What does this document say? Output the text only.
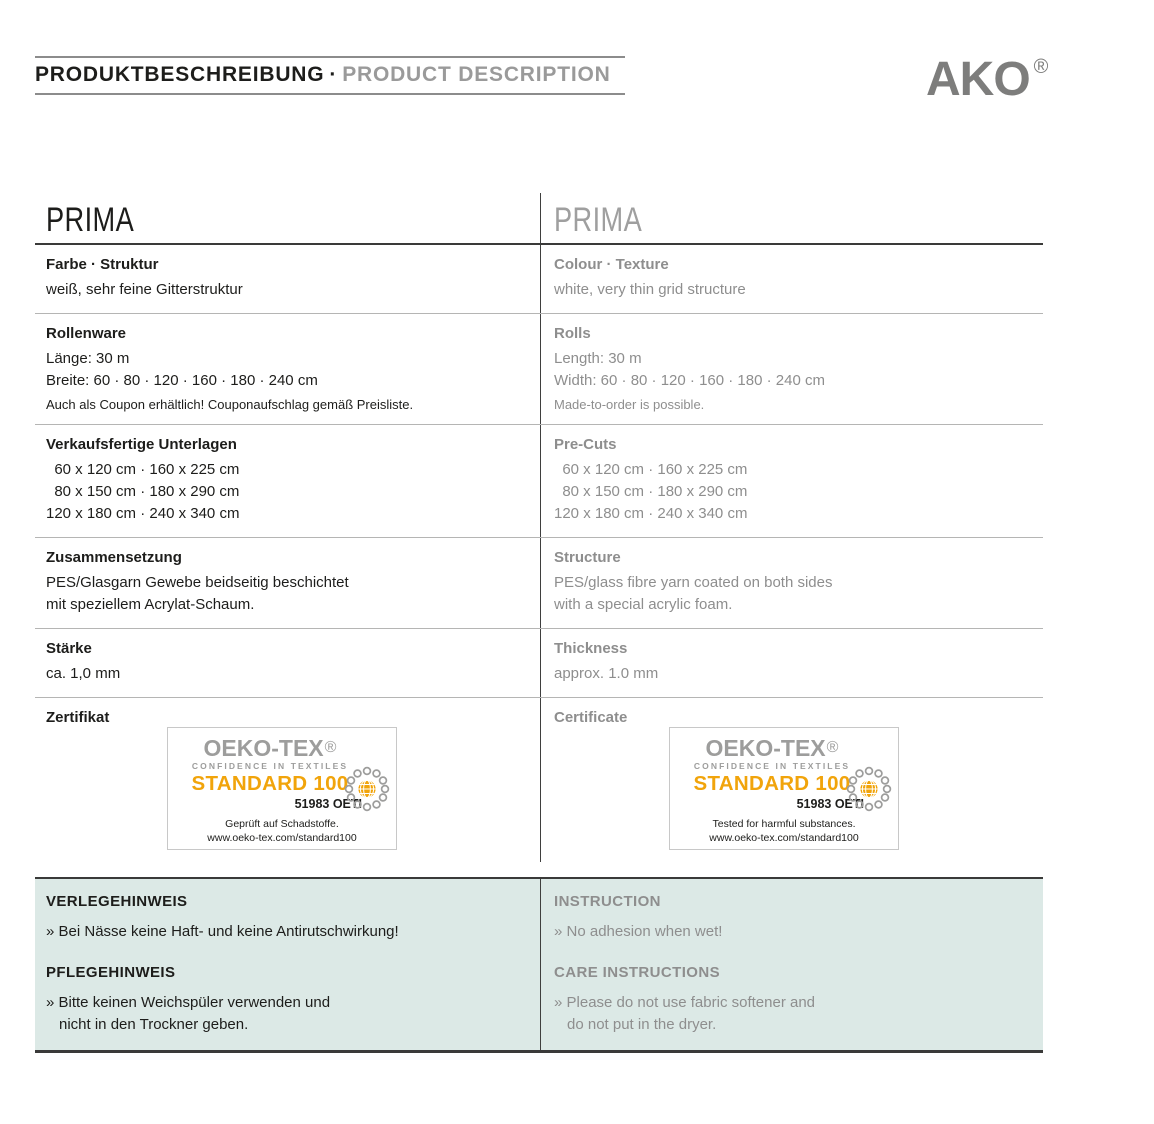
PRODUKTBESCHREIBUNG · PRODUCT DESCRIPTION	AKO ®
PRIMA	PRIMA
Farbe · Struktur
weiß, sehr feine Gitterstruktur
Colour · Texture
white, very thin grid structure
Rollenware
Länge: 30 m
Breite: 60 · 80 · 120 · 160 · 180 · 240 cm
Auch als Coupon erhältlich! Couponaufschlag gemäß Preisliste.
Rolls
Length: 30 m
Width: 60 · 80 · 120 · 160 · 180 · 240 cm
Made-to-order is possible.
Verkaufsfertige Unterlagen
60 x 120 cm · 160 x 225 cm
80 x 150 cm · 180 x 290 cm
120 x 180 cm · 240 x 340 cm
Pre-Cuts
60 x 120 cm · 160 x 225 cm
80 x 150 cm · 180 x 290 cm
120 x 180 cm · 240 x 340 cm
Zusammensetzung
PES/Glasgarn Gewebe beidseitig beschichtet
mit speziellem Acrylat-Schaum.
Structure
PES/glass fibre yarn coated on both sides
with a special acrylic foam.
Stärke
ca. 1,0 mm
Thickness
approx. 1.0 mm
Zertifikat
OEKO-TEX®
CONFIDENCE IN TEXTILES
STANDARD 100
51983 OETI
Geprüft auf Schadstoffe.
www.oeko-tex.com/standard100
Certificate
OEKO-TEX®
CONFIDENCE IN TEXTILES
STANDARD 100
51983 OETI
Tested for harmful substances.
www.oeko-tex.com/standard100
VERLEGEHINWEIS
» Bei Nässe keine Haft- und keine Antirutschwirkung!
PFLEGEHINWEIS
» Bitte keinen Weichspüler verwenden und
nicht in den Trockner geben.
INSTRUCTION
» No adhesion when wet!
CARE INSTRUCTIONS
» Please do not use fabric softener and
do not put in the dryer.
